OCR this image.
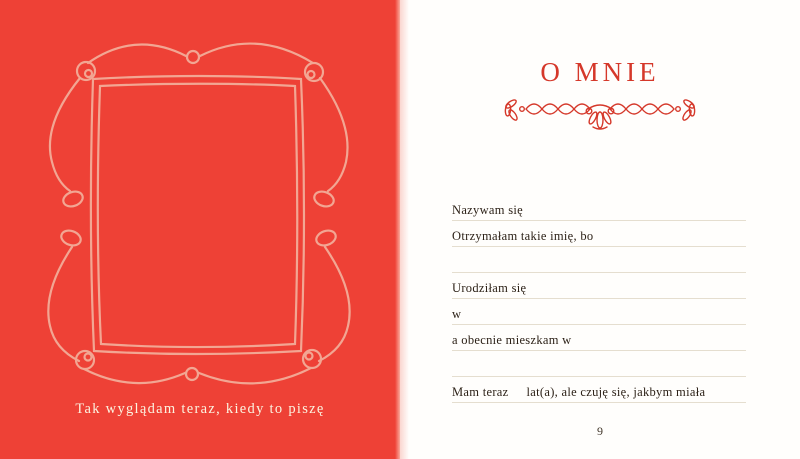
Tak wyglądam teraz, kiedy to piszę
O MNIE
Nazywam się
Otrzymałam takie imię, bo
Urodziłam się
w
a obecnie mieszkam w
Mam teraz lat(a), ale czuję się, jakbym miała
9
